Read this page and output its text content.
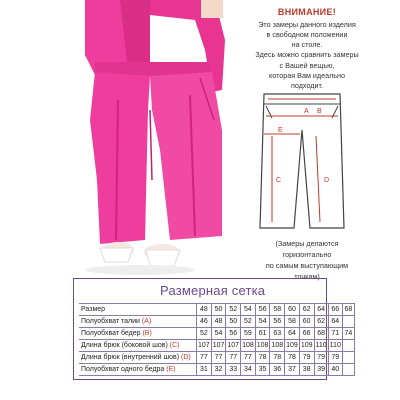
ВНИМАНИЕ!
Это замеры данного изделия
в свободном положении
на столе.
Здесь можно сравнить замеры
с Вашей вещью,
которая Вам идеально
подходит.
A B
E
C	D
(Замеры делаются
горизонтально
по самым выступающим
точкам)
Размерная сетка
Размер	48	50	52	54	56	58	60	62	64	66	68
Полуобхват талии (A)	46	48	50	52	54	56	58	60	62	64	
Полуобхват бедер (B)	52	54	56	59	61	63	64	66	68	71	74
Длина брюк (боковой шов) (C)	107	107	107	108	108	108	109	109	110	110	
Длина брюк (внутренний шов) (D)	77	77	77	77	78	78	78	79	79	79	
Полуобхват одного бедра (E)	31	32	33	34	35	36	37	38	39	40	
